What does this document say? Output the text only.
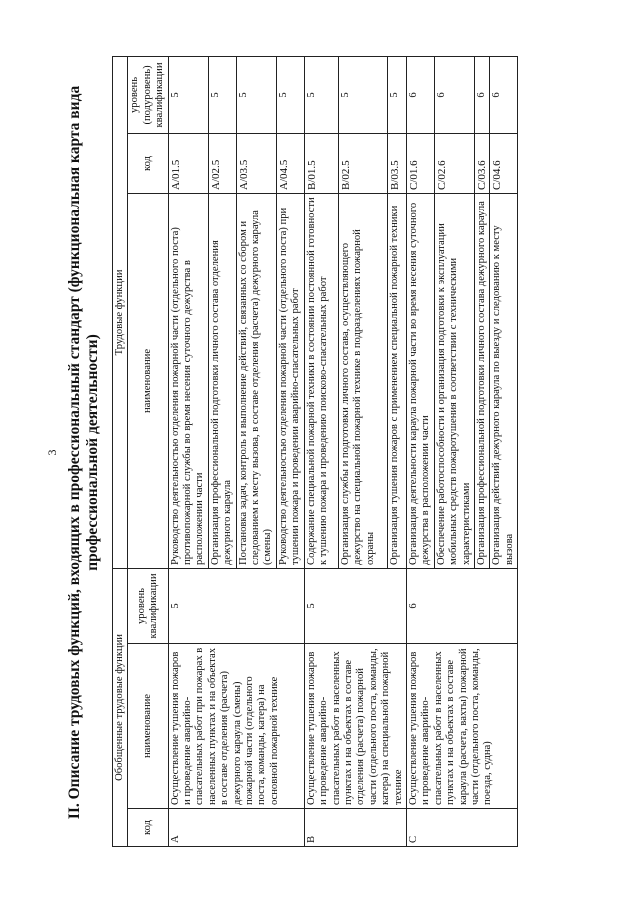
3 II. Описание трудовых функций, входящих в профессиональный стандарт (функциональная карта вида профессиональной деятельности)
Обобщенные трудовые функции			Трудовые функции		
код	наименование	уровень квалификации	наименование	код	уровень (подуровень) квалификации
A	Осуществление тушения пожаров и проведение аварийно-спасательных работ при пожарах в населенных пунктах и на объектах в составе отделения (расчета) дежурного караула (смены) пожарной части (отдельного поста, команды, катера) на основной пожарной технике	5	Руководство деятельностью отделения пожарной части (отдельного поста) противопожарной службы во время несения суточного дежурства в расположении части	A/01.5	5
			Организация профессиональной подготовки личного состава отделения дежурного караула	A/02.5	5
			Постановка задач, контроль и выполнение действий, связанных со сбором и следованием к месту вызова, в составе отделения (расчета) дежурного караула (смены)	A/03.5	5
			Руководство деятельностью отделения пожарной части (отдельного поста) при тушении пожара и проведении аварийно-спасательных работ	A/04.5	5
B	Осуществление тушения пожаров и проведение аварийно-спасательных работ в населенных пунктах и на объектах в составе отделения (расчета) пожарной части (отдельного поста, команды, катера) на специальной пожарной технике	5	Содержание специальной пожарной техники в состоянии постоянной готовности к тушению пожара и проведению поисково-спасательных работ	B/01.5	5
			Организация службы и подготовки личного состава, осуществляющего дежурство на специальной пожарной технике в подразделениях пожарной охраны	B/02.5	5
			Организация тушения пожаров с применением специальной пожарной техники	B/03.5	5
C	Осуществление тушения пожаров и проведение аварийно-спасательных работ в населенных пунктах и на объектах в составе караула (расчета, вахты) пожарной части (отдельного поста, команды, поезда, судна)	6	Организация деятельности караула пожарной части во время несения суточного дежурства в расположении части	C/01.6	6
			Обеспечение работоспособности и организация подготовки к эксплуатации мобильных средств пожаротушения в соответствии с техническими характеристиками	C/02.6	6
			Организация профессиональной подготовки личного состава дежурного караула	C/03.6	6
			Организация действий дежурного караула по выезду и следованию к месту вызова	C/04.6	6
